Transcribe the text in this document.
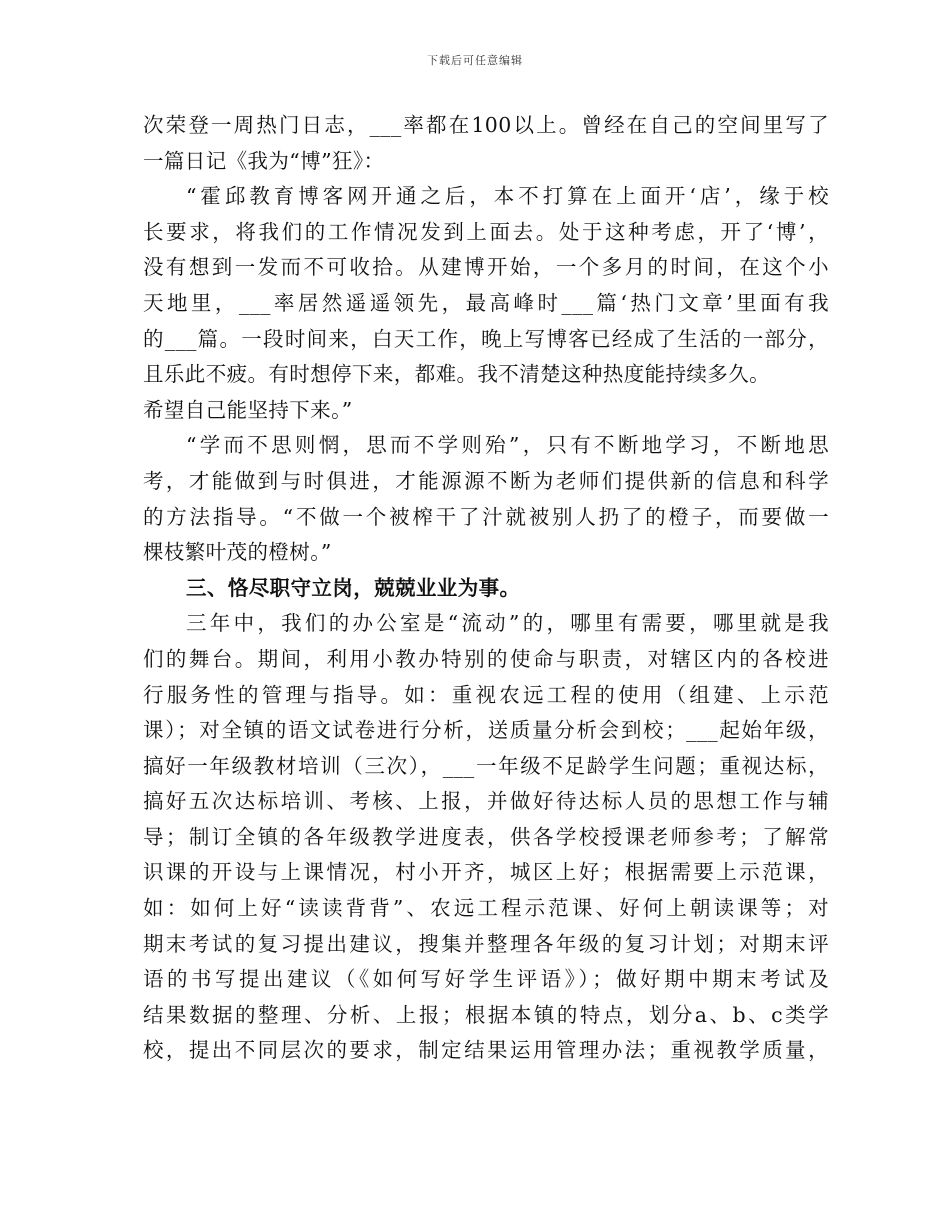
下载后可任意编辑
次荣登一周热门日志，___率都在100以上。曾经在自己的空间里写了
一篇日记《我为“博”狂》：
“霍邱教育博客网开通之后，本不打算在上面开‘店’，缘于校
长要求，将我们的工作情况发到上面去。处于这种考虑，开了‘博’，
没有想到一发而不可收拾。从建博开始，一个多月的时间，在这个小
天地里，___率居然遥遥领先，最高峰时___篇‘热门文章’里面有我
的___篇。一段时间来，白天工作，晚上写博客已经成了生活的一部分，
且乐此不疲。有时想停下来，都难。我不清楚这种热度能持续多久。
希望自己能坚持下来。”
“学而不思则惘，思而不学则殆”，只有不断地学习，不断地思
考，才能做到与时俱进，才能源源不断为老师们提供新的信息和科学
的方法指导。“不做一个被榨干了汁就被别人扔了的橙子，而要做一
棵枝繁叶茂的橙树。”
三、恪尽职守立岗，兢兢业业为事。
三年中，我们的办公室是“流动”的，哪里有需要，哪里就是我
们的舞台。期间，利用小教办特别的使命与职责，对辖区内的各校进
行服务性的管理与指导。如：重视农远工程的使用（组建、上示范
课）；对全镇的语文试卷进行分析，送质量分析会到校；___起始年级，
搞好一年级教材培训（三次），___一年级不足龄学生问题；重视达标，
搞好五次达标培训、考核、上报，并做好待达标人员的思想工作与辅
导；制订全镇的各年级教学进度表，供各学校授课老师参考；了解常
识课的开设与上课情况，村小开齐，城区上好；根据需要上示范课，
如：如何上好“读读背背”、农远工程示范课、好何上朝读课等；对
期末考试的复习提出建议，搜集并整理各年级的复习计划；对期末评
语的书写提出建议（《如何写好学生评语》）；做好期中期末考试及
结果数据的整理、分析、上报；根据本镇的特点，划分a、b、c类学
校，提出不同层次的要求，制定结果运用管理办法；重视教学质量，
